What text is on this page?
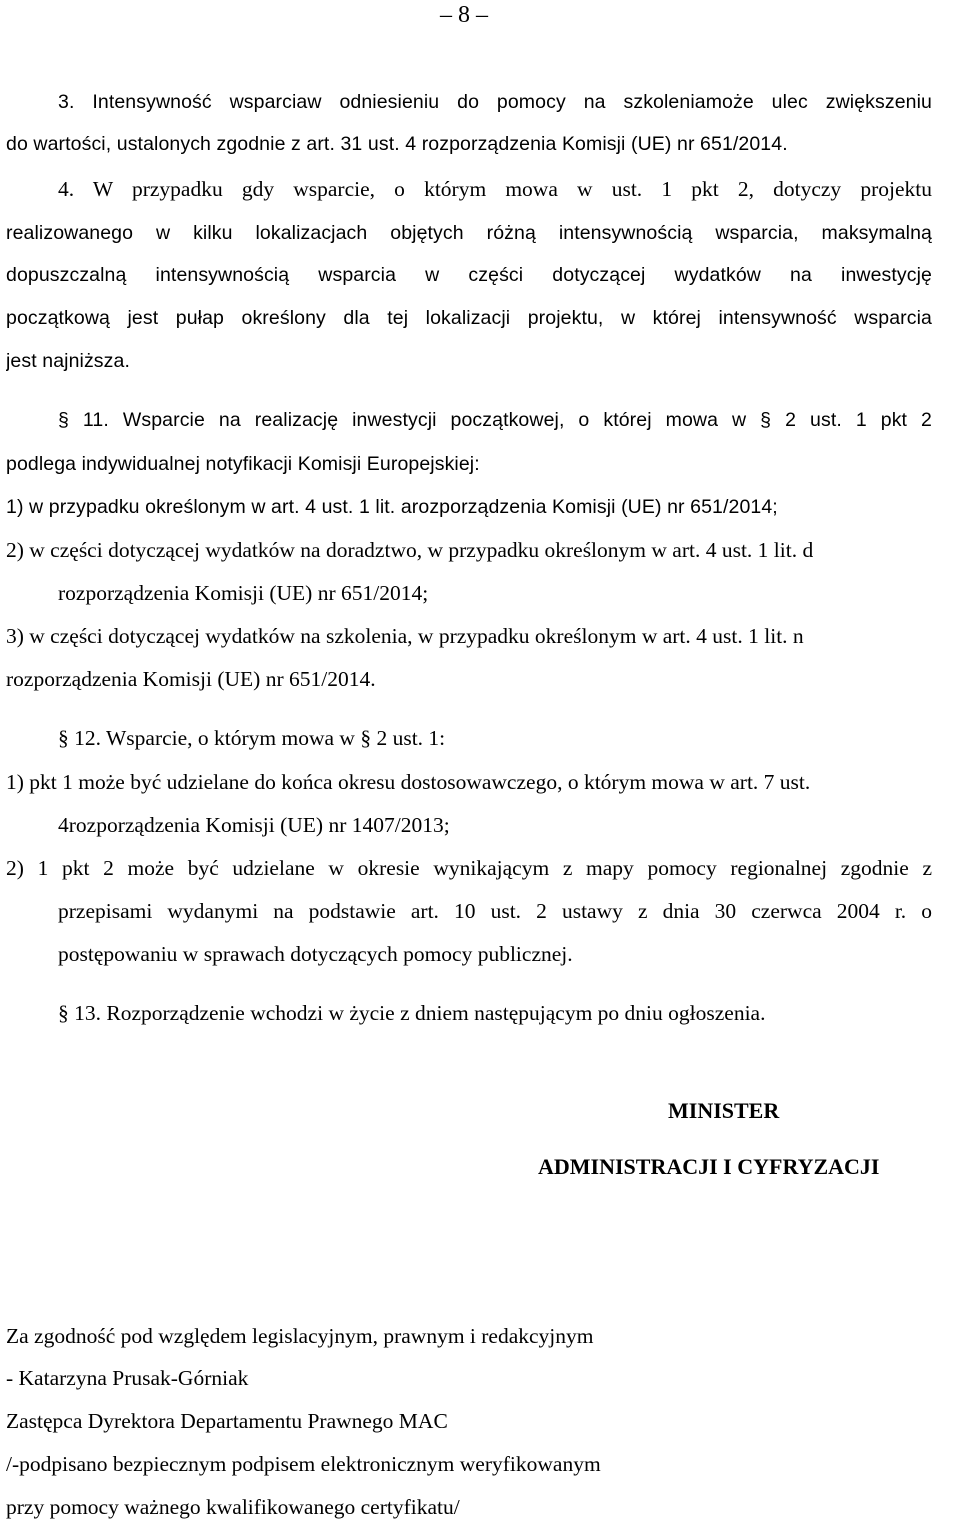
– 8 –
3. Intensywność wsparciaw odniesieniu do pomocy na szkoleniamoże ulec zwiększeniu
do wartości, ustalonych zgodnie z art. 31 ust. 4 rozporządzenia Komisji (UE) nr 651/2014.
4. W przypadku gdy wsparcie, o którym mowa w ust. 1 pkt 2, dotyczy projektu
realizowanego w kilku lokalizacjach objętych różną intensywnością wsparcia, maksymalną
dopuszczalną intensywnością wsparcia w części dotyczącej wydatków na inwestycję
początkową jest pułap określony dla tej lokalizacji projektu, w której intensywność wsparcia
jest najniższa.
§ 11. Wsparcie na realizację inwestycji początkowej, o której mowa w § 2 ust. 1 pkt 2
podlega indywidualnej notyfikacji Komisji Europejskiej:
1) w przypadku określonym w art. 4 ust. 1 lit. arozporządzenia Komisji (UE) nr 651/2014;
2) w części dotyczącej wydatków na doradztwo, w przypadku określonym w art. 4 ust. 1 lit. d
rozporządzenia Komisji (UE) nr 651/2014;
3) w części dotyczącej wydatków na szkolenia, w przypadku określonym w art. 4 ust. 1 lit. n
rozporządzenia Komisji (UE) nr 651/2014.
§ 12. Wsparcie, o którym mowa w § 2 ust. 1:
1) pkt 1 może być udzielane do końca okresu dostosowawczego, o którym mowa w art. 7 ust.
4rozporządzenia Komisji (UE) nr 1407/2013;
2) 1 pkt 2 może być udzielane w okresie wynikającym z mapy pomocy regionalnej zgodnie z
przepisami wydanymi na podstawie art. 10 ust. 2 ustawy z dnia 30 czerwca 2004 r. o
postępowaniu w sprawach dotyczących pomocy publicznej.
§ 13. Rozporządzenie wchodzi w życie z dniem następującym po dniu ogłoszenia.
MINISTER
ADMINISTRACJI I CYFRYZACJI
Za zgodność pod względem legislacyjnym, prawnym i redakcyjnym
- Katarzyna Prusak-Górniak
Zastępca Dyrektora Departamentu Prawnego MAC
/-podpisano bezpiecznym podpisem elektronicznym weryfikowanym
przy pomocy ważnego kwalifikowanego certyfikatu/
